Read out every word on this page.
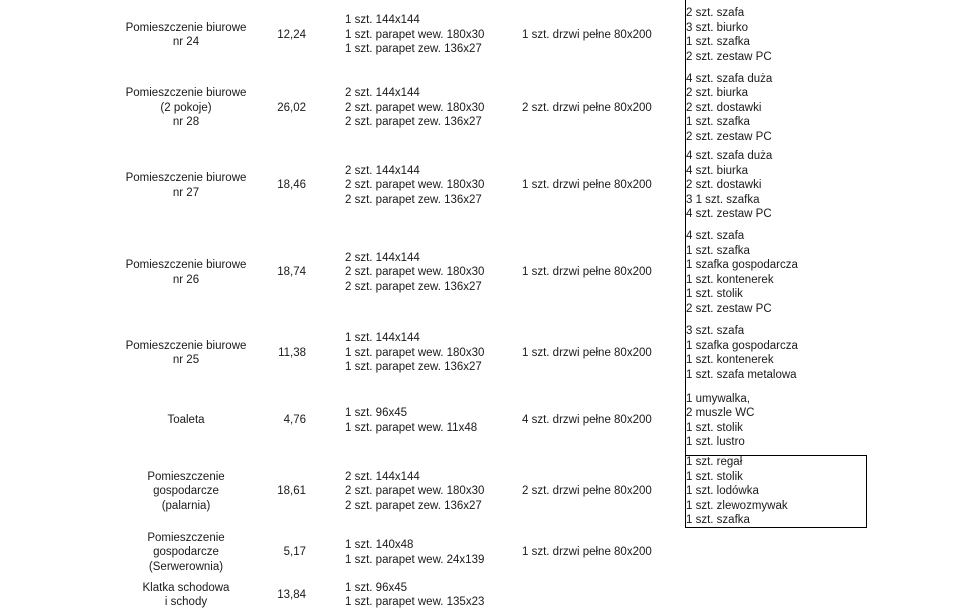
Pomieszczenie biurowe
nr 24
12,24
1 szt. 144x144
1 szt. parapet wew. 180x30
1 szt. parapet zew. 136x27
1 szt. drzwi pełne 80x200
2 szt. szafa
3 szt. biurko
1 szt. szafka
2 szt. zestaw PC
Pomieszczenie biurowe
(2 pokoje)
nr 28
26,02
2 szt. 144x144
2 szt. parapet wew. 180x30
2 szt. parapet zew. 136x27
2 szt. drzwi pełne 80x200
4 szt. szafa duża
2 szt. biurka
2 szt. dostawki
1 szt. szafka
2 szt. zestaw PC
Pomieszczenie biurowe
nr 27
18,46
2 szt. 144x144
2 szt. parapet wew. 180x30
2 szt. parapet zew. 136x27
1 szt. drzwi pełne 80x200
4 szt. szafa duża
4 szt. biurka
2 szt. dostawki
3 1 szt. szafka
4 szt. zestaw PC
Pomieszczenie biurowe
nr 26
18,74
2 szt. 144x144
2 szt. parapet wew. 180x30
2 szt. parapet zew. 136x27
1 szt. drzwi pełne 80x200
4 szt. szafa
1 szt. szafka
1 szafka gospodarcza
1 szt. kontenerek
1 szt. stolik
2 szt. zestaw PC
Pomieszczenie biurowe
nr 25
11,38
1 szt. 144x144
1 szt. parapet wew. 180x30
1 szt. parapet zew. 136x27
1 szt. drzwi pełne 80x200
3 szt. szafa
1 szafka gospodarcza
1 szt. kontenerek
1 szt. szafa metalowa
Toaleta	4,76
1 szt. 96x45
1 szt. parapet wew. 11x48
4 szt. drzwi pełne 80x200
1 umywalka,
2 muszle WC
1 szt. stolik
1 szt. lustro
Pomieszczenie
gospodarcze
(palarnia)
18,61
2 szt. 144x144
2 szt. parapet wew. 180x30
2 szt. parapet zew. 136x27
2 szt. drzwi pełne 80x200
1 szt. regał
1 szt. stolik
1 szt. lodówka
1 szt. zlewozmywak
1 szt. szafka
Pomieszczenie
gospodarcze
(Serwerownia)
5,17
1 szt. 140x48
1 szt. parapet wew. 24x139
1 szt. drzwi pełne 80x200
Klatka schodowa
i schody
13,84
1 szt. 96x45
1 szt. parapet wew. 135x23
